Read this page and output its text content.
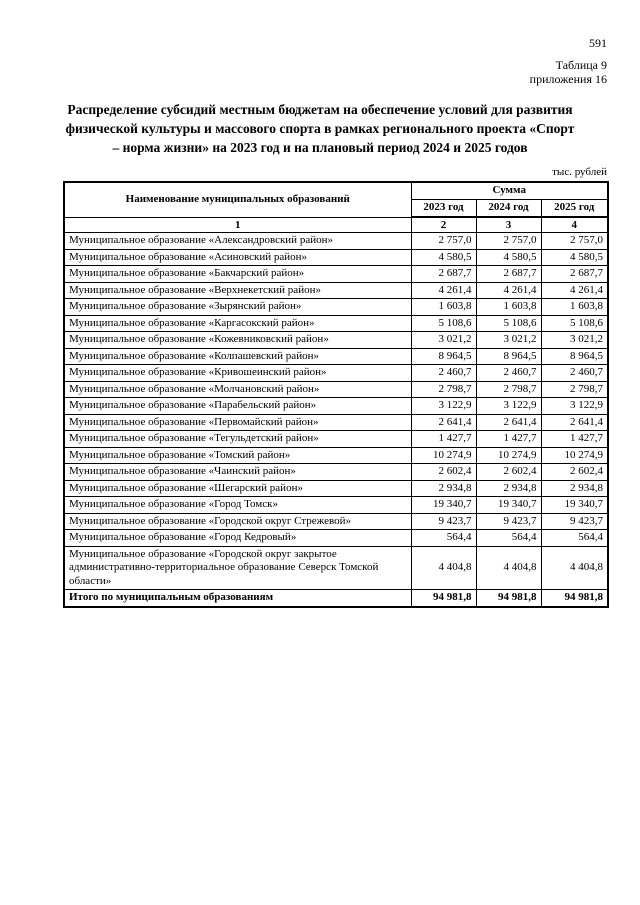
591
Таблица 9
приложения 16
Распределение субсидий местным бюджетам на обеспечение условий для развития физической культуры и массового спорта в рамках регионального проекта «Спорт – норма жизни» на 2023 год и на плановый период 2024 и 2025 годов
тыс. рублей
Наименование муниципальных образований	Сумма		
	2023 год	2024 год	2025 год
1	2	3	4
Муниципальное образование «Александровский район»	2 757,0	2 757,0	2 757,0
Муниципальное образование «Асиновский район»	4 580,5	4 580,5	4 580,5
Муниципальное образование «Бакчарский район»	2 687,7	2 687,7	2 687,7
Муниципальное образование «Верхнекетский район»	4 261,4	4 261,4	4 261,4
Муниципальное образование «Зырянский район»	1 603,8	1 603,8	1 603,8
Муниципальное образование «Каргасокский район»	5 108,6	5 108,6	5 108,6
Муниципальное образование «Кожевниковский район»	3 021,2	3 021,2	3 021,2
Муниципальное образование «Колпашевский район»	8 964,5	8 964,5	8 964,5
Муниципальное образование «Кривошеинский район»	2 460,7	2 460,7	2 460,7
Муниципальное образование «Молчановский район»	2 798,7	2 798,7	2 798,7
Муниципальное образование «Парабельский район»	3 122,9	3 122,9	3 122,9
Муниципальное образование «Первомайский район»	2 641,4	2 641,4	2 641,4
Муниципальное образование «Тегульдетский район»	1 427,7	1 427,7	1 427,7
Муниципальное образование «Томский район»	10 274,9	10 274,9	10 274,9
Муниципальное образование «Чаинский район»	2 602,4	2 602,4	2 602,4
Муниципальное образование «Шегарский район»	2 934,8	2 934,8	2 934,8
Муниципальное образование «Город Томск»	19 340,7	19 340,7	19 340,7
Муниципальное образование «Городской округ Стрежевой»	9 423,7	9 423,7	9 423,7
Муниципальное образование «Город Кедровый»	564,4	564,4	564,4
Муниципальное образование «Городской округ закрытое административно-территориальное образование Северск Томской области»	4 404,8	4 404,8	4 404,8
Итого по муниципальным образованиям	94 981,8	94 981,8	94 981,8
